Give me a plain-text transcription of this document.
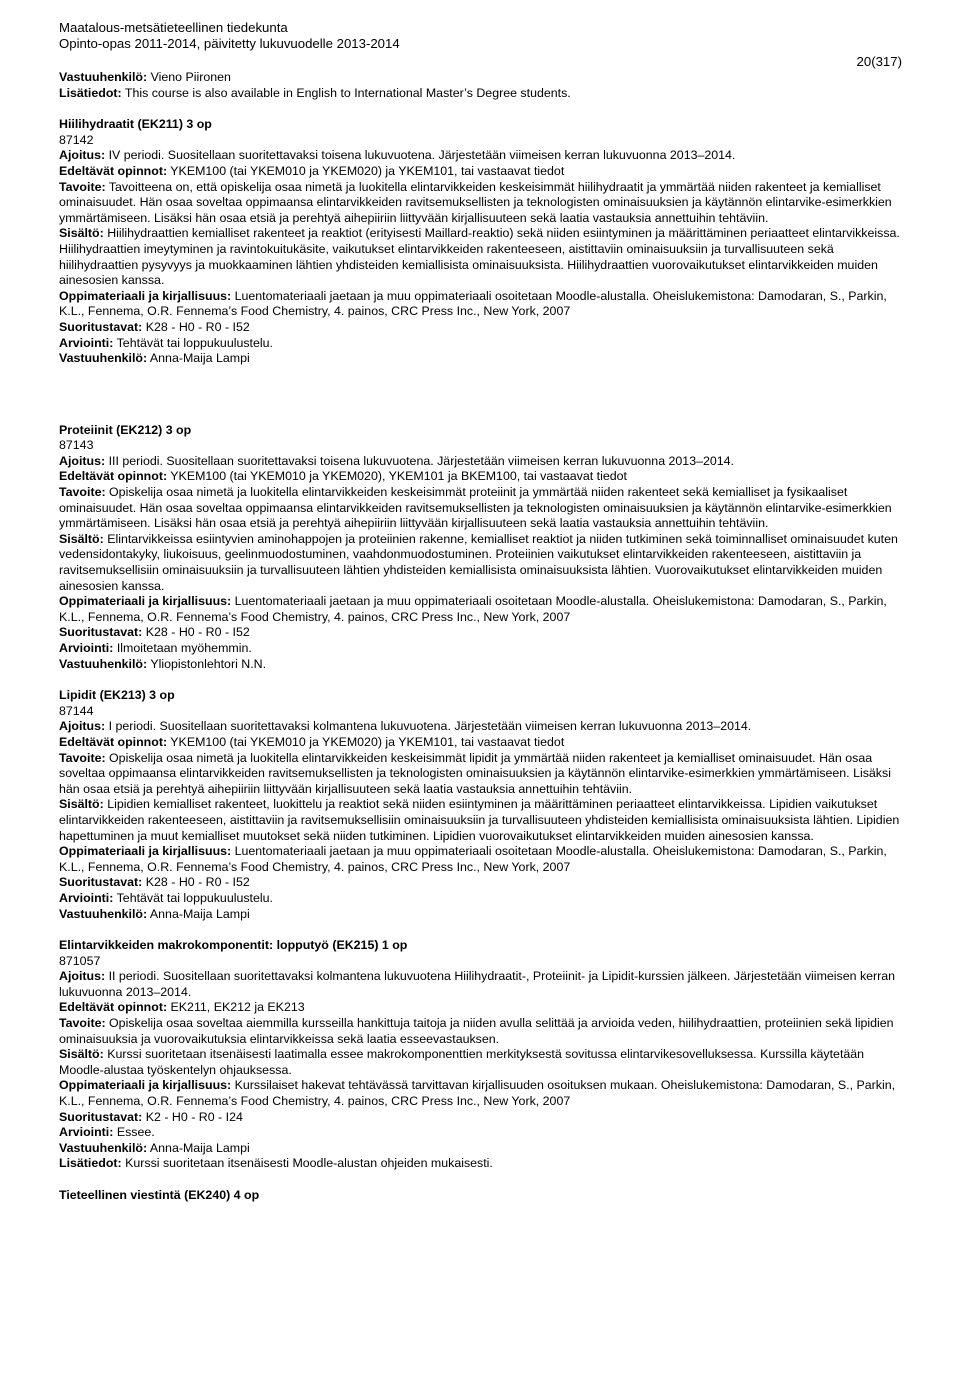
Maatalous-metsätieteellinen tiedekunta
Opinto-opas 2011-2014, päivitetty lukuvuodelle 2013-2014
Vastuuhenkilö: Vieno Piironen
Lisätiedot: This course is also available in English to International Master’s Degree students.
Hiilihydraatit (EK211) 3 op
87142
Ajoitus: IV periodi. Suositellaan suoritettavaksi toisena lukuvuotena. Järjestetään viimeisen kerran lukuvuonna 2013–2014.
Edeltävät opinnot: YKEM100 (tai YKEM010 ja YKEM020) ja YKEM101, tai vastaavat tiedot
Tavoite: Tavoitteena on, että opiskelija osaa nimetä ja luokitella elintarvikkeiden keskeisimmät hiilihydraatit ja ymmärtää niiden rakenteet ja kemialliset ominaisuudet. Hän osaa soveltaa oppimaansa elintarvikkeiden ravitsemuksellisten ja teknologisten ominaisuuksien ja käytännön elintarvike-esimerkkien ymmärtämiseen. Lisäksi hän osaa etsiä ja perehtyä aihepiiriin liittyvään kirjallisuuteen sekä laatia vastauksia annettuihin tehtäviin.
Sisältö: Hiilihydraattien kemialliset rakenteet ja reaktiot (erityisesti Maillard-reaktio) sekä niiden esiintyminen ja määrittäminen periaatteet elintarvikkeissa. Hiilihydraattien imeytyminen ja ravintokuitukäsite, vaikutukset elintarvikkeiden rakenteeseen, aistittaviin ominaisuuksiin ja turvallisuuteen sekä hiilihydraattien pysyvyys ja muokkaaminen lähtien yhdisteiden kemiallisista ominaisuuksista. Hiilihydraattien vuorovaikutukset elintarvikkeiden muiden ainesosien kanssa.
Oppimateriaali ja kirjallisuus: Luentomateriaali jaetaan ja muu oppimateriaali osoitetaan Moodle-alustalla. Oheislukemistona: Damodaran, S., Parkin, K.L., Fennema, O.R. Fennema’s Food Chemistry, 4. painos, CRC Press Inc., New York, 2007
Suoritustavat: K28 - H0 - R0 - I52
Arviointi: Tehtävät tai loppukuulustelu.
Vastuuhenkilö: Anna-Maija Lampi
Proteiinit (EK212) 3 op
87143
Ajoitus: III periodi. Suositellaan suoritettavaksi toisena lukuvuotena. Järjestetään viimeisen kerran lukuvuonna 2013–2014.
Edeltävät opinnot: YKEM100 (tai YKEM010 ja YKEM020), YKEM101 ja BKEM100, tai vastaavat tiedot
Tavoite: Opiskelija osaa nimetä ja luokitella elintarvikkeiden keskeisimmät proteiinit ja ymmärtää niiden rakenteet sekä kemialliset ja fysikaaliset ominaisuudet. Hän osaa soveltaa oppimaansa elintarvikkeiden ravitsemuksellisten ja teknologisten ominaisuuksien ja käytännön elintarvike-esimerkkien ymmärtämiseen. Lisäksi hän osaa etsiä ja perehtyä aihepiiriin liittyvään kirjallisuuteen sekä laatia vastauksia annettuihin tehtäviin.
Sisältö: Elintarvikkeissa esiintyvien aminohappojen ja proteiinien rakenne, kemialliset reaktiot ja niiden tutkiminen sekä toiminnalliset ominaisuudet kuten vedensidontakyky, liukoisuus, geelinmuodostuminen, vaahdonmuodostuminen. Proteiinien vaikutukset elintarvikkeiden rakenteeseen, aistittaviin ja ravitsemuksellisiin ominaisuuksiin ja turvallisuuteen lähtien yhdisteiden kemiallisista ominaisuuksista lähtien. Vuorovaikutukset elintarvikkeiden muiden ainesosien kanssa.
Oppimateriaali ja kirjallisuus: Luentomateriaali jaetaan ja muu oppimateriaali osoitetaan Moodle-alustalla. Oheislukemistona: Damodaran, S., Parkin, K.L., Fennema, O.R. Fennema’s Food Chemistry, 4. painos, CRC Press Inc., New York, 2007
Suoritustavat: K28 - H0 - R0 - I52
Arviointi: Ilmoitetaan myöhemmin.
Vastuuhenkilö: Yliopistonlehtori N.N.
Lipidit (EK213) 3 op
87144
Ajoitus: I periodi. Suositellaan suoritettavaksi kolmantena lukuvuotena. Järjestetään viimeisen kerran lukuvuonna 2013–2014.
Edeltävät opinnot: YKEM100 (tai YKEM010 ja YKEM020) ja YKEM101, tai vastaavat tiedot
Tavoite: Opiskelija osaa nimetä ja luokitella elintarvikkeiden keskeisimmät lipidit ja ymmärtää niiden rakenteet ja kemialliset ominaisuudet. Hän osaa soveltaa oppimaansa elintarvikkeiden ravitsemuksellisten ja teknologisten ominaisuuksien ja käytännön elintarvike-esimerkkien ymmärtämiseen. Lisäksi hän osaa etsiä ja perehtyä aihepiiriin liittyvään kirjallisuuteen sekä laatia vastauksia annettuihin tehtäviin.
Sisältö: Lipidien kemialliset rakenteet, luokittelu ja reaktiot sekä niiden esiintyminen ja määrittäminen periaatteet elintarvikkeissa. Lipidien vaikutukset elintarvikkeiden rakenteeseen, aistittaviin ja ravitsemuksellisiin ominaisuuksiin ja turvallisuuteen yhdisteiden kemiallisista ominaisuuksista lähtien. Lipidien hapettuminen ja muut kemialliset muutokset sekä niiden tutkiminen. Lipidien vuorovaikutukset elintarvikkeiden muiden ainesosien kanssa.
Oppimateriaali ja kirjallisuus: Luentomateriaali jaetaan ja muu oppimateriaali osoitetaan Moodle-alustalla. Oheislukemistona: Damodaran, S., Parkin, K.L., Fennema, O.R. Fennema’s Food Chemistry, 4. painos, CRC Press Inc., New York, 2007
Suoritustavat: K28 - H0 - R0 - I52
Arviointi: Tehtävät tai loppukuulustelu.
Vastuuhenkilö: Anna-Maija Lampi
Elintarvikkeiden makrokomponentit: lopputyö (EK215) 1 op
871057
Ajoitus: II periodi. Suositellaan suoritettavaksi kolmantena lukuvuotena Hiilihydraatit-, Proteiinit- ja Lipidit-kurssien jälkeen. Järjestetään viimeisen kerran lukuvuonna 2013–2014.
Edeltävät opinnot: EK211, EK212 ja EK213
Tavoite: Opiskelija osaa soveltaa aiemmilla kursseilla hankittuja taitoja ja niiden avulla selittää ja arvioida veden, hiilihydraattien, proteiinien sekä lipidien ominaisuuksia ja vuorovaikutuksia elintarvikkeissa sekä laatia esseevastauksen.
Sisältö: Kurssi suoritetaan itsenäisesti laatimalla essee makrokomponenttien merkityksestä sovitussa elintarvikesovelluksessa. Kurssilla käytetään Moodle-alustaa työskentelyn ohjauksessa.
Oppimateriaali ja kirjallisuus: Kurssilaiset hakevat tehtävässä tarvittavan kirjallisuuden osoituksen mukaan. Oheislukemistona: Damodaran, S., Parkin, K.L., Fennema, O.R. Fennema’s Food Chemistry, 4. painos, CRC Press Inc., New York, 2007
Suoritustavat: K2 - H0 - R0 - I24
Arviointi: Essee.
Vastuuhenkilö: Anna-Maija Lampi
Lisätiedot: Kurssi suoritetaan itsenäisesti Moodle-alustan ohjeiden mukaisesti.
Tieteellinen viestintä (EK240) 4 op
20(317)
